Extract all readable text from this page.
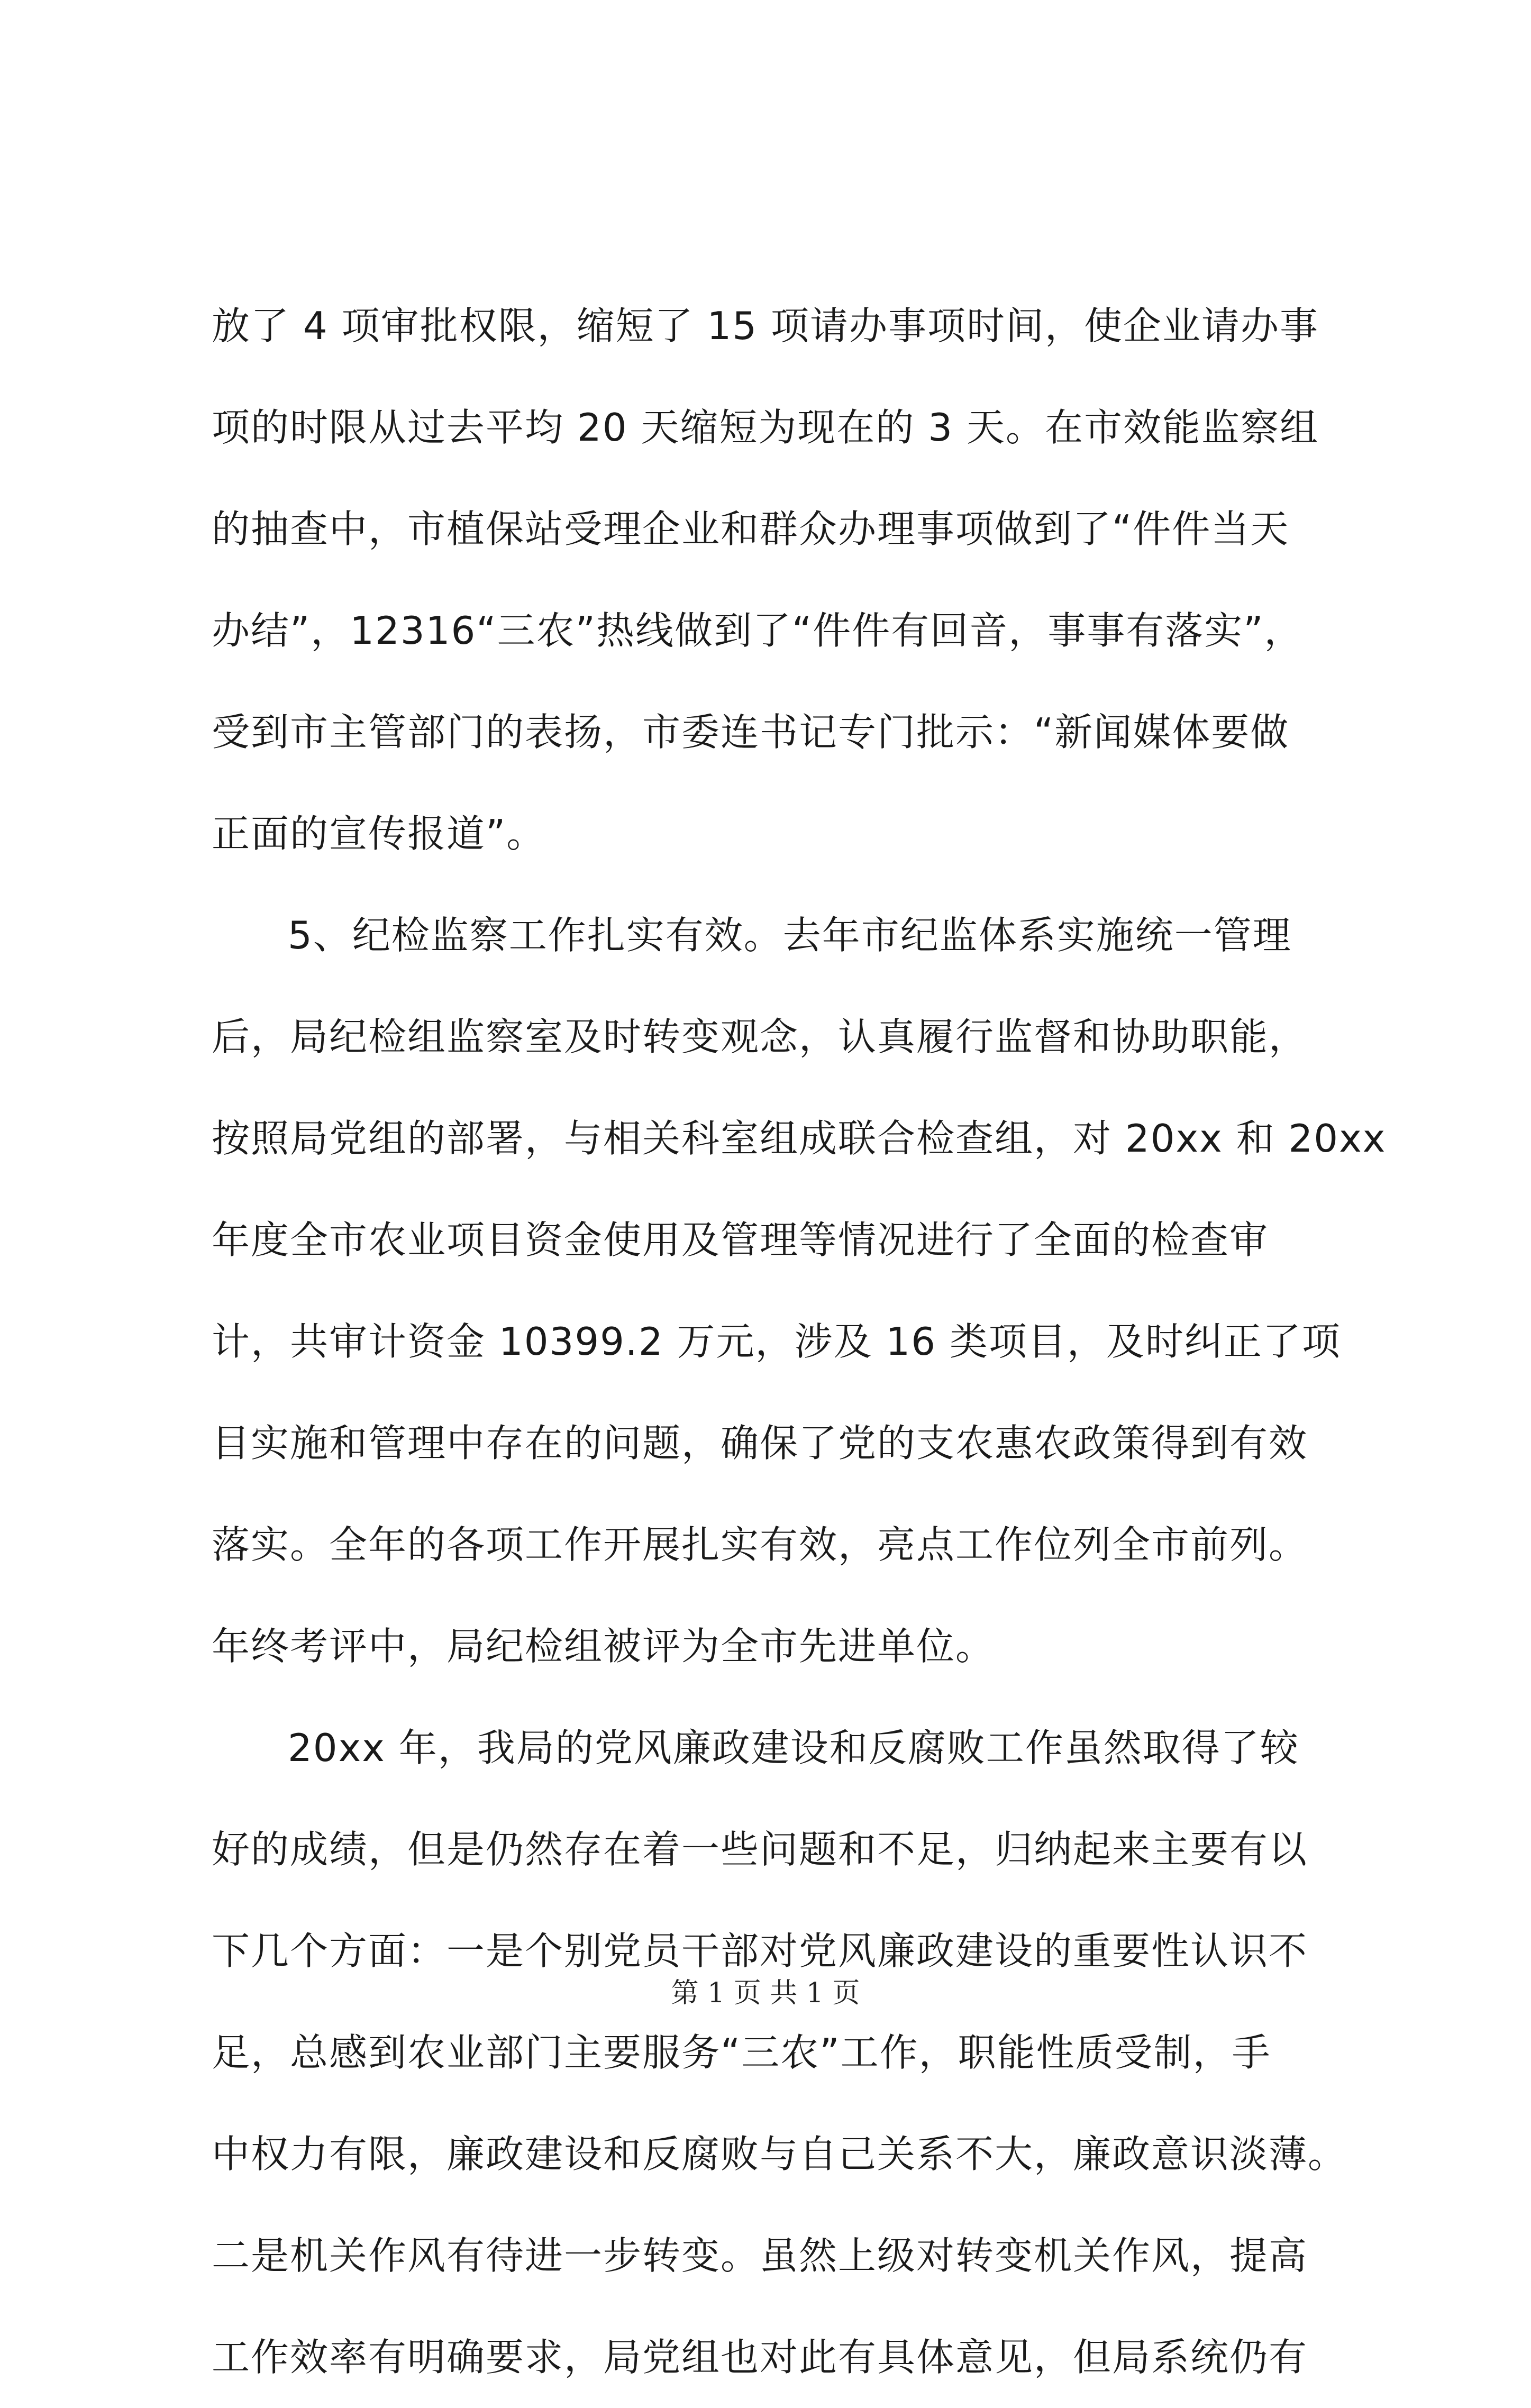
放了 4 项审批权限，缩短了 15 项请办事项时间，使企业请办事
项的时限从过去平均 20 天缩短为现在的 3 天。在市效能监察组
的抽查中，市植保站受理企业和群众办理事项做到了“件件当天
办结”，12316“三农”热线做到了“件件有回音，事事有落实”，
受到市主管部门的表扬，市委连书记专门批示：“新闻媒体要做
正面的宣传报道”。
5、纪检监察工作扎实有效。去年市纪监体系实施统一管理
后，局纪检组监察室及时转变观念，认真履行监督和协助职能，
按照局党组的部署，与相关科室组成联合检查组，对 20xx 和 20xx
年度全市农业项目资金使用及管理等情况进行了全面的检查审
计，共审计资金 10399.2 万元，涉及 16 类项目，及时纠正了项
目实施和管理中存在的问题，确保了党的支农惠农政策得到有效
落实。全年的各项工作开展扎实有效，亮点工作位列全市前列。
年终考评中，局纪检组被评为全市先进单位。
20xx 年，我局的党风廉政建设和反腐败工作虽然取得了较
好的成绩，但是仍然存在着一些问题和不足，归纳起来主要有以
下几个方面：一是个别党员干部对党风廉政建设的重要性认识不
足，总感到农业部门主要服务“三农”工作，职能性质受制，手
中权力有限，廉政建设和反腐败与自己关系不大，廉政意识淡薄。
二是机关作风有待进一步转变。虽然上级对转变机关作风，提高
工作效率有明确要求，局党组也对此有具体意见，但局系统仍有
第 1 页 共 1 页
